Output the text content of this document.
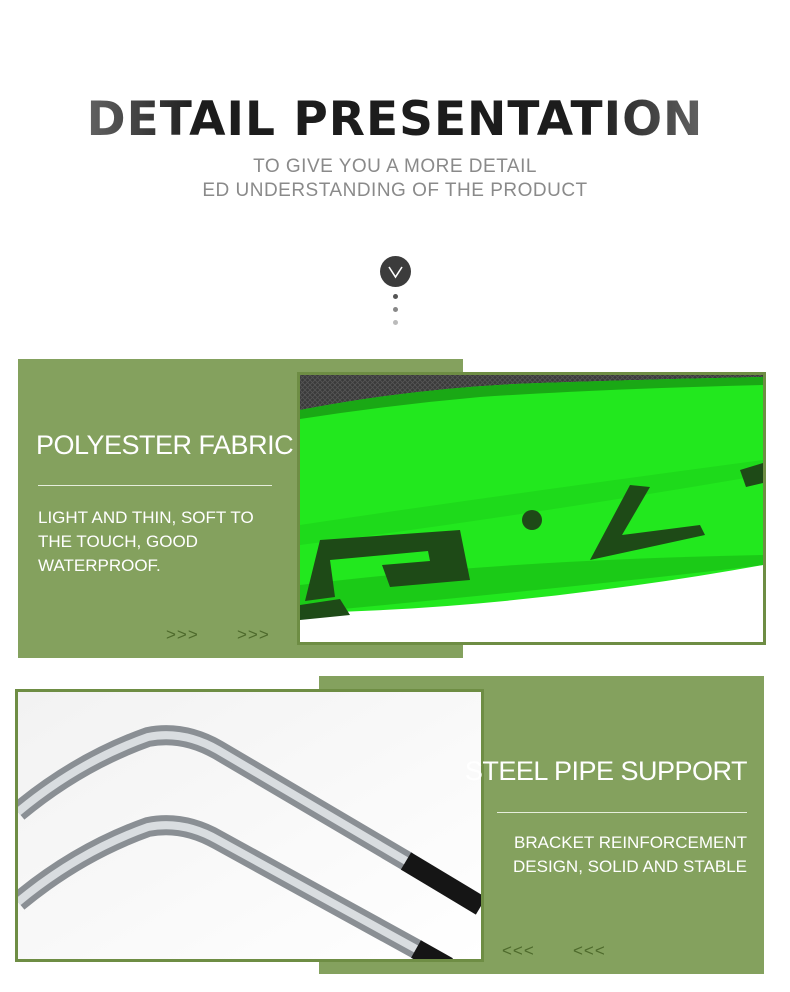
DETAIL PRESENTATION
TO GIVE YOU A MORE DETAIL
ED UNDERSTANDING OF THE PRODUCT
POLYESTER FABRIC
LIGHT AND THIN, SOFT TO THE TOUCH, GOOD WATERPROOF.
>>> >>>
STEEL PIPE SUPPORT
BRACKET REINFORCEMENT DESIGN, SOLID AND STABLE
<<< <<<
